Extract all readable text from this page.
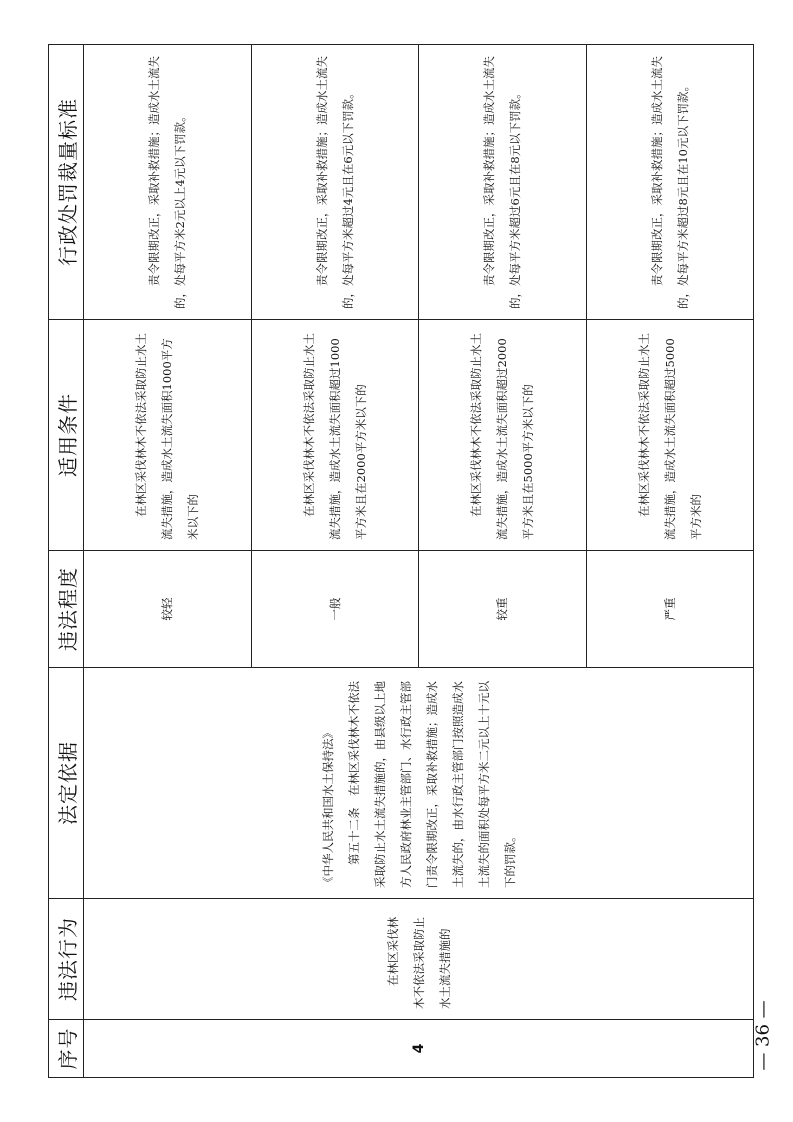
序号	违法行为	法定依据	违法程度	适用条件	行政处罚裁量标准
4	在林区采伐林木不依法采取防止水土流失措施的	《中华人民共和国水土保持法》 第五十二条　在林区采伐林木不依法采取防止水土流失措施的，由县级以上地方人民政府林业主管部门、水行政主管部门责令限期改正，采取补救措施；造成水土流失的，由水行政主管部门按照造成水土流失的面积处每平方米二元以上十元以下的罚款。	较轻	在林区采伐林木不依法采取防止水土流失措施，造成水土流失面积1000平方米以下的	责令限期改正，采取补救措施；造成水土流失的，处每平方米2元以上4元以下罚款。
			一般	在林区采伐林木不依法采取防止水土流失措施，造成水土流失面积超过1000平方米且在2000平方米以下的	责令限期改正，采取补救措施；造成水土流失的，处每平方米超过4元且在6元以下罚款。
			较重	在林区采伐林木不依法采取防止水土流失措施，造成水土流失面积超过2000平方米且在5000平方米以下的	责令限期改正，采取补救措施；造成水土流失的，处每平方米超过6元且在8元以下罚款。
			严重	在林区采伐林木不依法采取防止水土流失措施，造成水土流失面积超过5000平方米的	责令限期改正，采取补救措施；造成水土流失的，处每平方米超过8元且在10元以下罚款。
— 36 —
